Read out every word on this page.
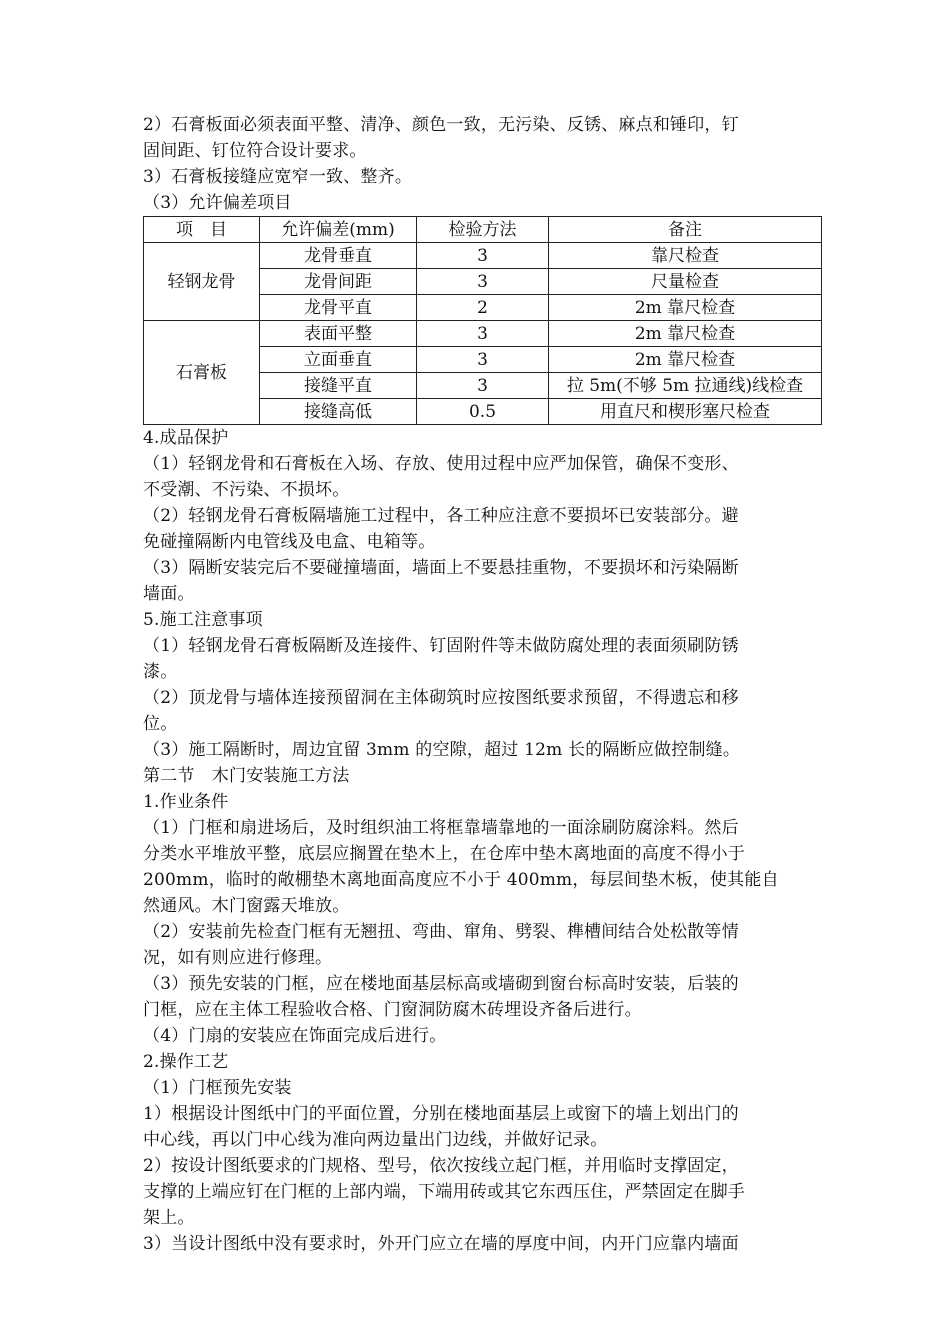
2）石膏板面必须表面平整、清净、颜色一致，无污染、反锈、麻点和锤印，钉

固间距、钉位符合设计要求。

3）石膏板接缝应宽窄一致、整齐。

（3）允许偏差项目

项　目	允许偏差(mm)	检验方法	备注
轻钢龙骨	龙骨垂直	3	靠尺检查
	龙骨间距	3	尺量检查
	龙骨平直	2	2m 靠尺检查
石膏板	表面平整	3	2m 靠尺检查
	立面垂直	3	2m 靠尺检查
	接缝平直	3	拉 5m(不够 5m 拉通线)线检查
	接缝高低	0.5	用直尺和楔形塞尺检查

4.成品保护

（1）轻钢龙骨和石膏板在入场、存放、使用过程中应严加保管，确保不变形、

不受潮、不污染、不损坏。

（2）轻钢龙骨石膏板隔墙施工过程中，各工种应注意不要损坏已安装部分。避

免碰撞隔断内电管线及电盒、电箱等。

（3）隔断安装完后不要碰撞墙面，墙面上不要悬挂重物，不要损坏和污染隔断

墙面。

5.施工注意事项

（1）轻钢龙骨石膏板隔断及连接件、钉固附件等未做防腐处理的表面须刷防锈

漆。

（2）顶龙骨与墙体连接预留洞在主体砌筑时应按图纸要求预留，不得遗忘和移

位。

（3）施工隔断时，周边宜留 3mm 的空隙，超过 12m 长的隔断应做控制缝。

第二节　木门安装施工方法

1.作业条件

（1）门框和扇进场后，及时组织油工将框靠墙靠地的一面涂刷防腐涂料。然后

分类水平堆放平整，底层应搁置在垫木上，在仓库中垫木离地面的高度不得小于

200mm，临时的敞棚垫木离地面高度应不小于 400mm，每层间垫木板，使其能自

然通风。木门窗露天堆放。

（2）安装前先检查门框有无翘扭、弯曲、窜角、劈裂、榫槽间结合处松散等情

况，如有则应进行修理。

（3）预先安装的门框，应在楼地面基层标高或墙砌到窗台标高时安装，后装的

门框，应在主体工程验收合格、门窗洞防腐木砖埋设齐备后进行。

（4）门扇的安装应在饰面完成后进行。

2.操作工艺

（1）门框预先安装

1）根据设计图纸中门的平面位置，分别在楼地面基层上或窗下的墙上划出门的

中心线，再以门中心线为准向两边量出门边线，并做好记录。

2）按设计图纸要求的门规格、型号，依次按线立起门框，并用临时支撑固定，

支撑的上端应钉在门框的上部内端，下端用砖或其它东西压住，严禁固定在脚手

架上。

3）当设计图纸中没有要求时，外开门应立在墙的厚度中间，内开门应靠内墙面
